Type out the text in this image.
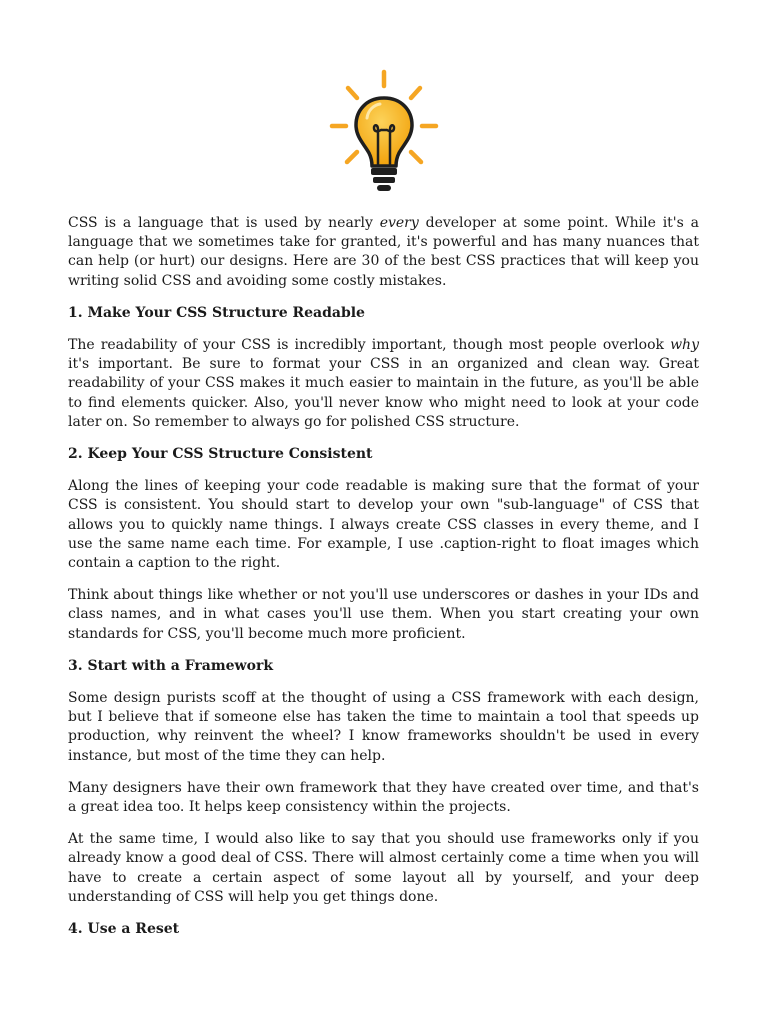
CSS is a language that is used by nearly every developer at some point. While it's a language that we sometimes take for granted, it's powerful and has many nuances that can help (or hurt) our designs. Here are 30 of the best CSS practices that will keep you writing solid CSS and avoiding some costly mistakes.

1. Make Your CSS Structure Readable

The readability of your CSS is incredibly important, though most people overlook why it's important. Be sure to format your CSS in an organized and clean way. Great readability of your CSS makes it much easier to maintain in the future, as you'll be able to find elements quicker. Also, you'll never know who might need to look at your code later on. So remember to always go for polished CSS structure.

2. Keep Your CSS Structure Consistent

Along the lines of keeping your code readable is making sure that the format of your CSS is consistent. You should start to develop your own "sub-language" of CSS that allows you to quickly name things. I always create CSS classes in every theme, and I use the same name each time. For example, I use .caption-right to float images which contain a caption to the right.

Think about things like whether or not you'll use underscores or dashes in your IDs and class names, and in what cases you'll use them. When you start creating your own standards for CSS, you'll become much more proficient.

3. Start with a Framework

Some design purists scoff at the thought of using a CSS framework with each design, but I believe that if someone else has taken the time to maintain a tool that speeds up production, why reinvent the wheel? I know frameworks shouldn't be used in every instance, but most of the time they can help.

Many designers have their own framework that they have created over time, and that's a great idea too. It helps keep consistency within the projects.

At the same time, I would also like to say that you should use frameworks only if you already know a good deal of CSS. There will almost certainly come a time when you will have to create a certain aspect of some layout all by yourself, and your deep understanding of CSS will help you get things done.

4. Use a Reset
